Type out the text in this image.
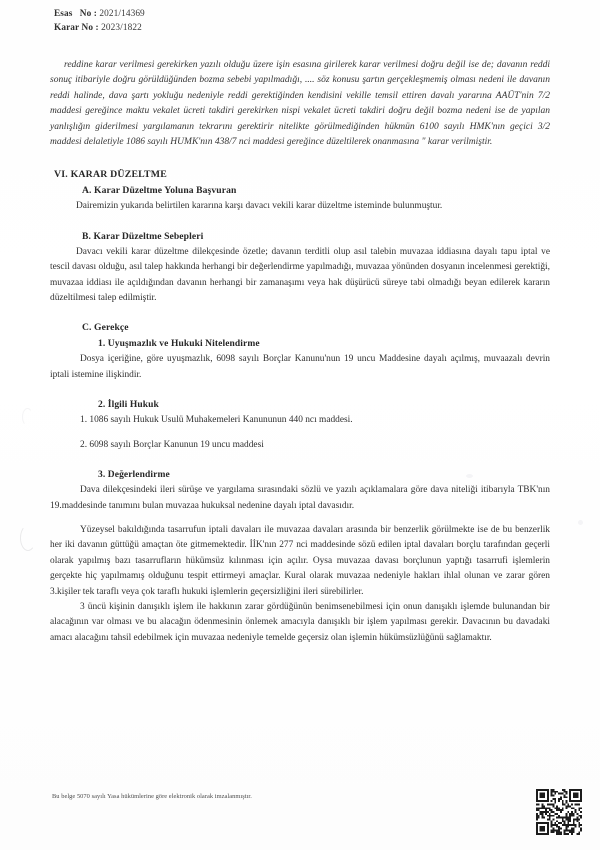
Esas   No : 2021/14369
Karar No : 2023/1822

reddine karar verilmesi gerekirken yazılı olduğu üzere işin esasına girilerek karar verilmesi doğru değil ise de; davanın reddi sonuç itibariyle doğru görüldüğünden bozma sebebi yapılmadığı, .... söz konusu şartın gerçekleşmemiş olması nedeni ile davanın reddi halinde, dava şartı yokluğu nedeniyle reddi gerektiğinden kendisini vekille temsil ettiren davalı yararına AAÜT'nin 7/2 maddesi gereğince maktu vekalet ücreti takdiri gerekirken nispi vekalet ücreti takdiri doğru değil bozma nedeni ise de yapılan yanlışlığın giderilmesi yargılamanın tekrarını gerektirir nitelikte görülmediğinden hükmün 6100 sayılı HMK'nın geçici 3/2 maddesi delaletiyle 1086 sayılı HUMK'nın 438/7 nci maddesi gereğince düzeltilerek onanmasına " karar verilmiştir.

VI. KARAR DÜZELTME
A. Karar Düzeltme Yoluna Başvuran

Dairemizin yukarıda belirtilen kararına karşı davacı vekili karar düzeltme isteminde bulunmuştur.

B. Karar Düzeltme Sebepleri

Davacı vekili karar düzeltme dilekçesinde özetle; davanın terditli olup asıl talebin muvazaa iddiasına dayalı tapu iptal ve tescil davası olduğu, asıl talep hakkında herhangi bir değerlendirme yapılmadığı, muvazaa yönünden dosyanın incelenmesi gerektiği, muvazaa iddiası ile açıldığından davanın herhangi bir zamanaşımı veya hak düşürücü süreye tabi olmadığı beyan edilerek kararın düzeltilmesi talep edilmiştir.

C. Gerekçe
1. Uyuşmazlık ve Hukuki Nitelendirme

Dosya içeriğine, göre uyuşmazlık, 6098 sayılı Borçlar Kanunu'nun 19 uncu Maddesine dayalı açılmış, muvaazalı devrin iptali istemine ilişkindir.

2. İlgili Hukuk

1. 1086 sayılı Hukuk Usulü Muhakemeleri Kanununun 440 ncı maddesi.

2. 6098 sayılı Borçlar Kanunun 19 uncu maddesi

3. Değerlendirme

Dava dilekçesindeki ileri sürüşe ve yargılama sırasındaki sözlü ve yazılı açıklamalara göre dava niteliği itibarıyla TBK'nın 19.maddesinde tanımını bulan muvazaa hukuksal nedenine dayalı iptal davasıdır.

Yüzeysel bakıldığında tasarrufun iptali davaları ile muvazaa davaları arasında bir benzerlik görülmekte ise de bu benzerlik her iki davanın güttüğü amaçtan öte gitmemektedir. İİK'nın 277 nci maddesinde sözü edilen iptal davaları borçlu tarafından geçerli olarak yapılmış bazı tasarrufların hükümsüz kılınması için açılır. Oysa muvazaa davası borçlunun yaptığı tasarrufi işlemlerin gerçekte hiç yapılmamış olduğunu tespit ettirmeyi amaçlar. Kural olarak muvazaa nedeniyle hakları ihlal olunan ve zarar gören 3.kişiler tek taraflı veya çok taraflı hukuki işlemlerin geçersizliğini ileri sürebilirler.

3 üncü kişinin danışıklı işlem ile hakkının zarar gördüğünün benimsenebilmesi için onun danışıklı işlemde bulunandan bir alacağının var olması ve bu alacağın ödenmesinin önlemek amacıyla danışıklı bir işlem yapılması gerekir. Davacının bu davadaki amacı alacağını tahsil edebilmek için muvazaa nedeniyle temelde geçersiz olan işlemin hükümsüzlüğünü sağlamaktır.

Bu belge 5070 sayılı Yasa hükümlerine göre elektronik olarak imzalanmıştır.
